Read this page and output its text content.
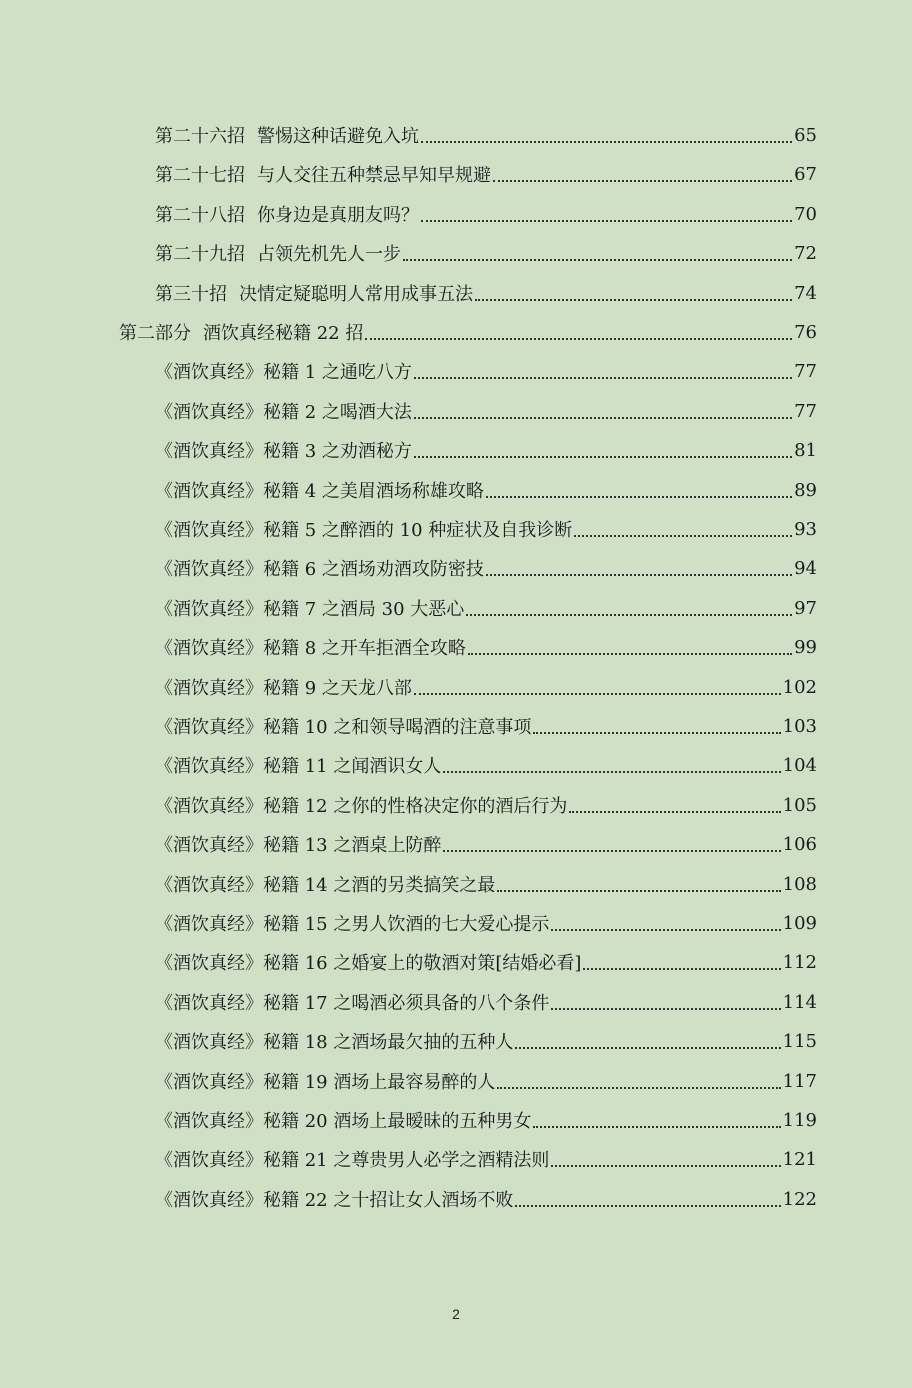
第二十六招 警惕这种话避免入坑	65
第二十七招 与人交往五种禁忌早知早规避	67
第二十八招 你身边是真朋友吗？	70
第二十九招 占领先机先人一步	72
第三十招 决情定疑聪明人常用成事五法	74
第二部分 酒饮真经秘籍 22 招	76
《酒饮真经》秘籍 1 之通吃八方	77
《酒饮真经》秘籍 2 之喝酒大法	77
《酒饮真经》秘籍 3 之劝酒秘方	81
《酒饮真经》秘籍 4 之美眉酒场称雄攻略	89
《酒饮真经》秘籍 5 之醉酒的 10 种症状及自我诊断	93
《酒饮真经》秘籍 6 之酒场劝酒攻防密技	94
《酒饮真经》秘籍 7 之酒局 30 大恶心	97
《酒饮真经》秘籍 8 之开车拒酒全攻略	99
《酒饮真经》秘籍 9 之天龙八部	102
《酒饮真经》秘籍 10 之和领导喝酒的注意事项	103
《酒饮真经》秘籍 11 之闻酒识女人	104
《酒饮真经》秘籍 12 之你的性格决定你的酒后行为	105
《酒饮真经》秘籍 13 之酒桌上防醉	106
《酒饮真经》秘籍 14 之酒的另类搞笑之最	108
《酒饮真经》秘籍 15 之男人饮酒的七大爱心提示	109
《酒饮真经》秘籍 16 之婚宴上的敬酒对策[结婚必看]	112
《酒饮真经》秘籍 17 之喝酒必须具备的八个条件	114
《酒饮真经》秘籍 18 之酒场最欠抽的五种人	115
《酒饮真经》秘籍 19 酒场上最容易醉的人	117
《酒饮真经》秘籍 20 酒场上最暧昧的五种男女	119
《酒饮真经》秘籍 21 之尊贵男人必学之酒精法则	121
《酒饮真经》秘籍 22 之十招让女人酒场不败	122
2
